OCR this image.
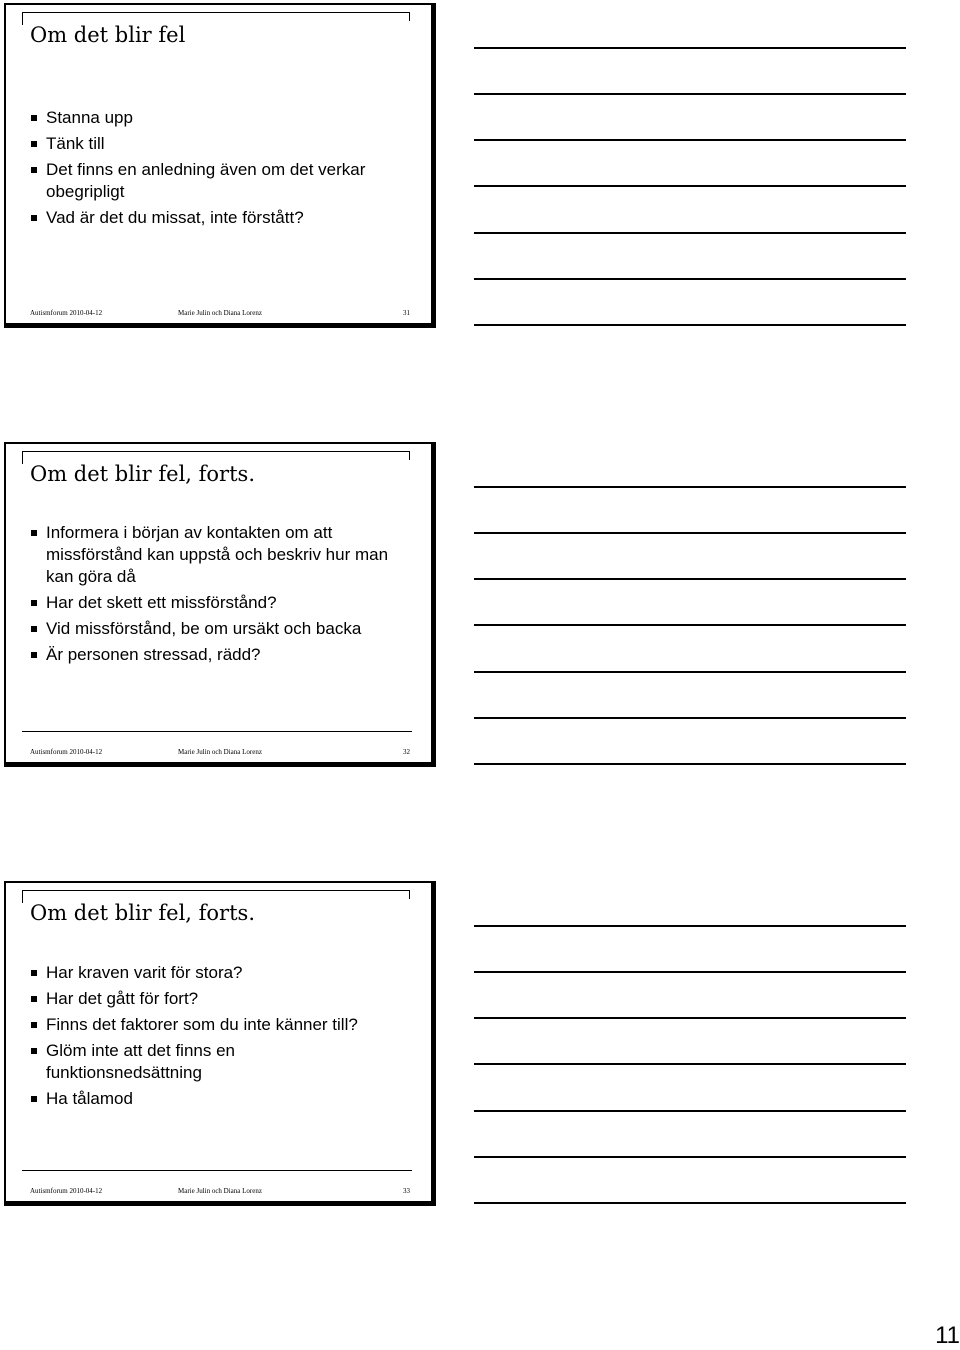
Om det blir fel
Stanna upp
Tänk till
Det finns en anledning även om det verkar obegripligt
Vad är det du missat, inte förstått?
Autismforum 2010-04-12	Marie Julin och Diana Lorenz	31
Om det blir fel, forts.
Informera i början av kontakten om att missförstånd kan uppstå och beskriv hur man kan göra då
Har det skett ett missförstånd?
Vid missförstånd, be om ursäkt och backa
Är personen stressad, rädd?
Autismforum 2010-04-12	Marie Julin och Diana Lorenz	32
Om det blir fel, forts.
Har kraven varit för stora?
Har det gått för fort?
Finns det faktorer som du inte känner till?
Glöm inte att det finns en funktionsnedsättning
Ha tålamod
Autismforum 2010-04-12	Marie Julin och Diana Lorenz	33
11
